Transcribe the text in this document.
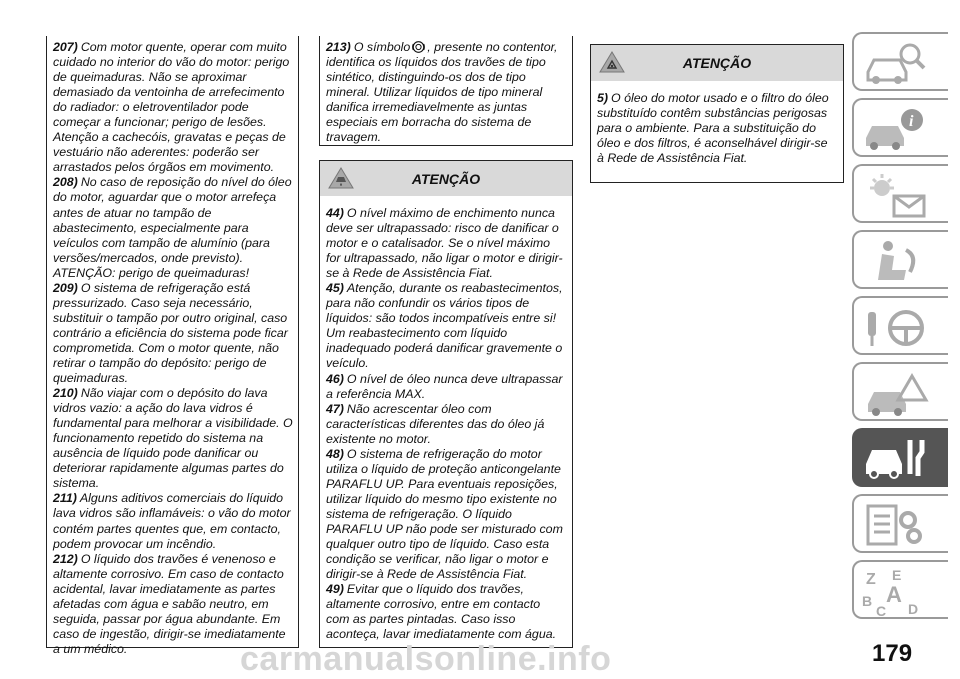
207) Com motor quente, operar com muito cuidado no interior do vão do motor: perigo de queimaduras. Não se aproximar demasiado da ventoinha de arrefecimento do radiador: o eletroventilador pode começar a funcionar; perigo de lesões. Atenção a cachecóis, gravatas e peças de vestuário não aderentes: poderão ser arrastados pelos órgãos em movimento.

208) No caso de reposição do nível do óleo do motor, aguardar que o motor arrefeça antes de atuar no tampão de abastecimento, especialmente para veículos com tampão de alumínio (para versões/mercados, onde previsto). ATENÇÃO: perigo de queimaduras!

209) O sistema de refrigeração está pressurizado. Caso seja necessário, substituir o tampão por outro original, caso contrário a eficiência do sistema pode ficar comprometida. Com o motor quente, não retirar o tampão do depósito: perigo de queimaduras.

210) Não viajar com o depósito do lava vidros vazio: a ação do lava vidros é fundamental para melhorar a visibilidade. O funcionamento repetido do sistema na ausência de líquido pode danificar ou deteriorar rapidamente algumas partes do sistema.

211) Alguns aditivos comerciais do líquido lava vidros são inflamáveis: o vão do motor contém partes quentes que, em contacto, podem provocar um incêndio.

212) O líquido dos travões é venenoso e altamente corrosivo. Em caso de contacto acidental, lavar imediatamente as partes afetadas com água e sabão neutro, em seguida, passar por água abundante. Em caso de ingestão, dirigir-se imediatamente a um médico.

213) O símbolo , presente no contentor, identifica os líquidos dos travões de tipo sintético, distinguindo-os dos de tipo mineral. Utilizar líquidos de tipo mineral danifica irremediavelmente as juntas especiais em borracha do sistema de travagem.

ATENÇÃO

44) O nível máximo de enchimento nunca deve ser ultrapassado: risco de danificar o motor e o catalisador. Se o nível máximo for ultrapassado, não ligar o motor e dirigir-se à Rede de Assistência Fiat.

45) Atenção, durante os reabastecimentos, para não confundir os vários tipos de líquidos: são todos incompatíveis entre si! Um reabastecimento com líquido inadequado poderá danificar gravemente o veículo.

46) O nível de óleo nunca deve ultrapassar a referência MAX.

47) Não acrescentar óleo com características diferentes das do óleo já existente no motor.

48) O sistema de refrigeração do motor utiliza o líquido de proteção anticongelante PARAFLU UP. Para eventuais reposições, utilizar líquido do mesmo tipo existente no sistema de refrigeração. O líquido PARAFLU UP não pode ser misturado com qualquer outro tipo de líquido. Caso esta condição se verificar, não ligar o motor e dirigir-se à Rede de Assistência Fiat.

49) Evitar que o líquido dos travões, altamente corrosivo, entre em contacto com as partes pintadas. Caso isso aconteça, lavar imediatamente com água.

ATENÇÃO

5) O óleo do motor usado e o filtro do óleo substituído contêm substâncias perigosas para o ambiente. Para a substituição do óleo e dos filtros, é aconselhável dirigir-se à Rede de Assistência Fiat.

i
Z E
B A
C D
carmanualsonline.info	179
